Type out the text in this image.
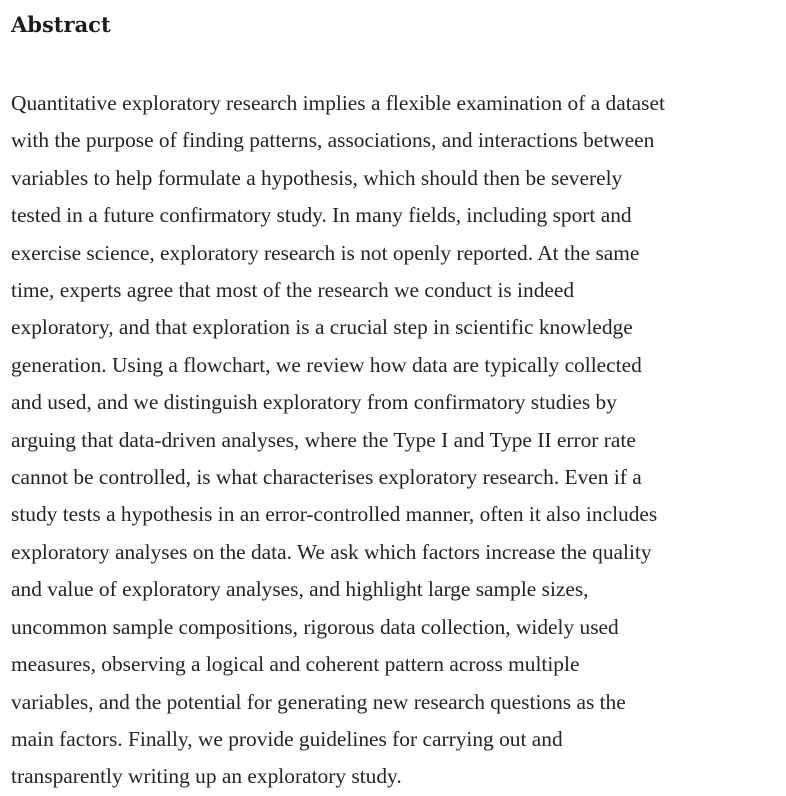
Abstract

Quantitative exploratory research implies a flexible examination of a dataset
with the purpose of finding patterns, associations, and interactions between
variables to help formulate a hypothesis, which should then be severely
tested in a future confirmatory study. In many fields, including sport and
exercise science, exploratory research is not openly reported. At the same
time, experts agree that most of the research we conduct is indeed
exploratory, and that exploration is a crucial step in scientific knowledge
generation. Using a flowchart, we review how data are typically collected
and used, and we distinguish exploratory from confirmatory studies by
arguing that data-driven analyses, where the Type I and Type II error rate
cannot be controlled, is what characterises exploratory research. Even if a
study tests a hypothesis in an error-controlled manner, often it also includes
exploratory analyses on the data. We ask which factors increase the quality
and value of exploratory analyses, and highlight large sample sizes,
uncommon sample compositions, rigorous data collection, widely used
measures, observing a logical and coherent pattern across multiple
variables, and the potential for generating new research questions as the
main factors. Finally, we provide guidelines for carrying out and
transparently writing up an exploratory study.
